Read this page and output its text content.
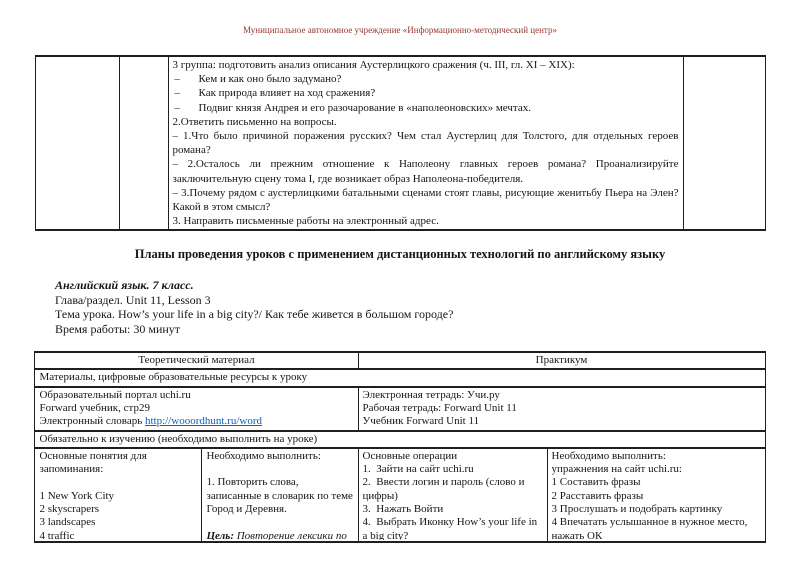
Муниципальное автономное учреждение «Информационно-методический центр»

3 группа: подготовить анализ описания Аустерлицкого сражения (ч. III, гл. XI – XIX):
–	Кем и как оно было задумано?
–	Как природа влияет на ход сражения?
–	Подвиг князя Андрея и его разочарование в «наполеоновских» мечтах.
2.Ответить письменно на вопросы.
– 1.Что было причиной поражения русских? Чем стал Аустерлиц для Толстого, для отдельных героев романа?
– 2.Осталось ли прежним отношение к Наполеону главных героев романа? Проанализируйте заключительную сцену тома I, где возникает образ Наполеона-победителя.
– 3.Почему рядом с аустерлицкими батальными сценами стоят главы, рисующие женитьбу Пьера на Элен? Какой в этом смысл?
3. Направить письменные работы на электронный адрес.

Планы проведения уроков с применением дистанционных технологий по английскому языку
Английский язык. 7 класс.
Глава/раздел. Unit 11, Lesson 3
Тема урока. How’s your life in a big city?/ Как тебе живется в большом городе?
Время работы: 30 минут
Теоретический материал		Практикум	
Материалы, цифровые образовательные ресурсы к уроку			

Образовательный портал uchi.ru
Forward учебник, стр29
Электронный словарь http://wooordhunt.ru/word

Электронная тетрадь: Учи.ру
Рабочая тетрадь: Forward Unit 11
Учебник Forward Unit 11

Обязательно к изучению (необходимо выполнить на уроке)			

Основные понятия для запоминания:
1 New York City
2 skyscrapers
3 landscapes
4 traffic

Необходимо выполнить:
1. Повторить слова, записанные в словарик по теме Город и Деревня.
Цель: Повторение лексики по

Основные операции
1.  Зайти на сайт uchi.ru
2.  Ввести логин и пароль (слово и цифры)
3.  Нажать Войти
4.  Выбрать Иконку How’s your life in a big city?

Необходимо выполнить:
упражнения на сайт uchi.ru:
1 Составить фразы
2 Расставить фразы
3 Прослушать и подобрать картинку
4 Впечатать услышанное в нужное место, нажать ОК
